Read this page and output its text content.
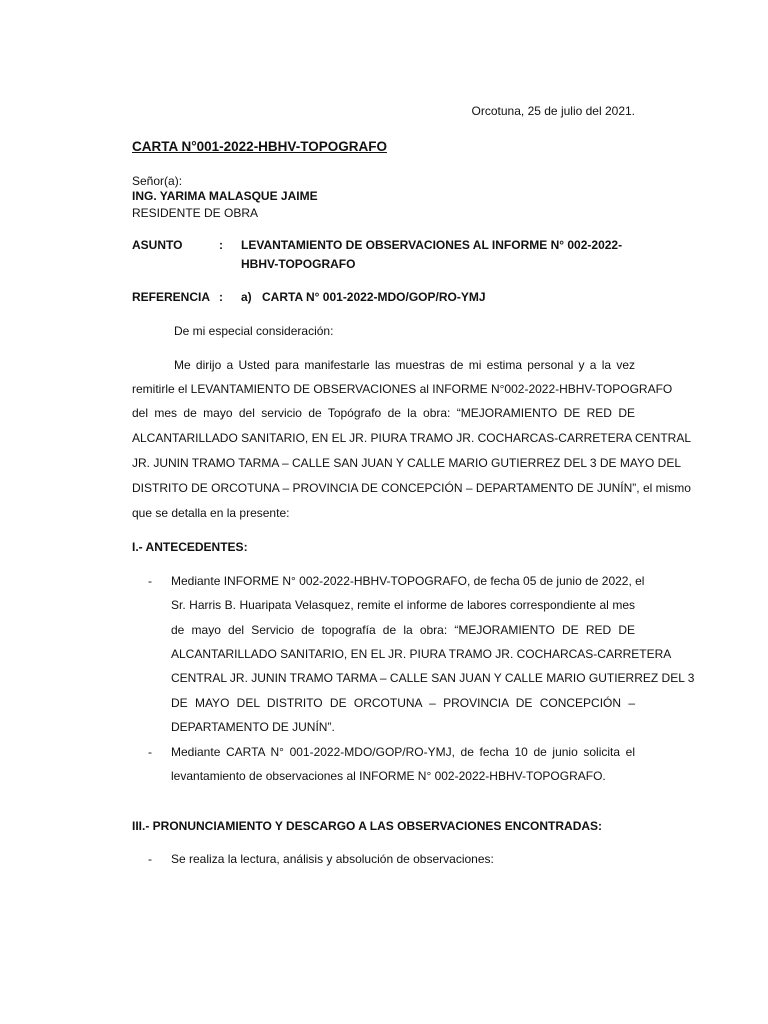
Orcotuna, 25 de julio del 2021.
CARTA N°001-2022-HBHV-TOPOGRAFO
Señor(a):
ING. YARIMA MALASQUE JAIME
RESIDENTE DE OBRA
ASUNTO	: LEVANTAMIENTO DE OBSERVACIONES AL INFORME N° 002-2022-
HBHV-TOPOGRAFO
REFERENCIA : a) CARTA N° 001-2022-MDO/GOP/RO-YMJ
De mi especial consideración:
Me dirijo a Usted para manifestarle las muestras de mi estima personal y a la vez
remitirle el LEVANTAMIENTO DE OBSERVACIONES al INFORME N°002-2022-HBHV-TOPOGRAFO
del mes de mayo del servicio de Topógrafo de la obra: “MEJORAMIENTO DE RED DE
ALCANTARILLADO SANITARIO, EN EL JR. PIURA TRAMO JR. COCHARCAS-CARRETERA CENTRAL
JR. JUNIN TRAMO TARMA – CALLE SAN JUAN Y CALLE MARIO GUTIERREZ DEL 3 DE MAYO DEL
DISTRITO DE ORCOTUNA – PROVINCIA DE CONCEPCIÓN – DEPARTAMENTO DE JUNÍN”, el mismo
que se detalla en la presente:
I.- ANTECEDENTES:
- Mediante INFORME N° 002-2022-HBHV-TOPOGRAFO, de fecha 05 de junio de 2022, el
Sr. Harris B. Huaripata Velasquez, remite el informe de labores correspondiente al mes
de mayo del Servicio de topografía de la obra: “MEJORAMIENTO DE RED DE
ALCANTARILLADO SANITARIO, EN EL JR. PIURA TRAMO JR. COCHARCAS-CARRETERA
CENTRAL JR. JUNIN TRAMO TARMA – CALLE SAN JUAN Y CALLE MARIO GUTIERREZ DEL 3
DE MAYO DEL DISTRITO DE ORCOTUNA – PROVINCIA DE CONCEPCIÓN –
DEPARTAMENTO DE JUNÍN”.
- Mediante CARTA N° 001-2022-MDO/GOP/RO-YMJ, de fecha 10 de junio solicita el
levantamiento de observaciones al INFORME N° 002-2022-HBHV-TOPOGRAFO.
III.- PRONUNCIAMIENTO Y DESCARGO A LAS OBSERVACIONES ENCONTRADAS:
- Se realiza la lectura, análisis y absolución de observaciones:
